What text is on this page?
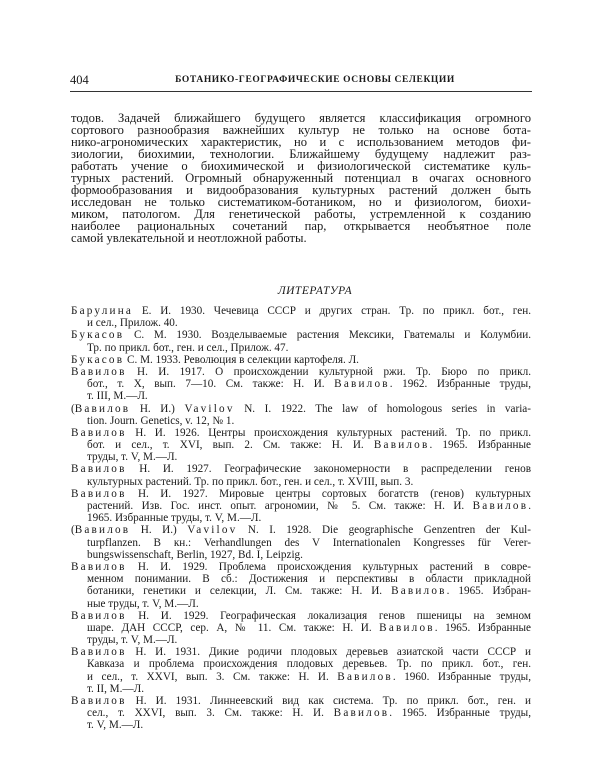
404	БОТАНИКО-ГЕОГРАФИЧЕСКИЕ ОСНОВЫ СЕЛЕКЦИИ
тодов. Задачей ближайшего будущего является классификация огромного
сортового разнообразия важнейших культур не только на основе бота-
нико-агрономических характеристик, но и с использованием методов фи-
зиологии, биохимии, технологии. Ближайшему будущему надлежит раз-
работать учение о биохимической и физиологической систематике куль-
турных растений. Огромный обнаруженный потенциал в очагах основного
формообразования и видообразования культурных растений должен быть
исследован не только систематиком-ботаником, но и физиологом, биохи-
миком, патологом. Для генетической работы, устремленной к созданию
наиболее рациональных сочетаний пар, открывается необъятное поле
самой увлекательной и неотложной работы.
ЛИТЕРАТУРА
Барулина Е. И. 1930. Чечевица СССР и других стран. Тр. по прикл. бот., ген.
и сел., Прилож. 40.
Букасов С. М. 1930. Возделываемые растения Мексики, Гватемалы и Колумбии.
Тр. по прикл. бот., ген. и сел., Прилож. 47.
Букасов С. М. 1933. Революция в селекции картофеля. Л.
Вавилов Н. И. 1917. О происхождении культурной ржи. Тр. Бюро по прикл.
бот., т. X, вып. 7—10. См. также: Н. И. Вавилов. 1962. Избранные труды,
т. III, М.—Л.
(Вавилов Н. И.) Vavilov N. I. 1922. The law of homologous series in varia-
tion. Journ. Genetics, v. 12, № 1.
Вавилов Н. И. 1926. Центры происхождения культурных растений. Тр. по прикл.
бот. и сел., т. XVI, вып. 2. См. также: Н. И. Вавилов. 1965. Избранные
труды, т. V, М.—Л.
Вавилов Н. И. 1927. Географические закономерности в распределении генов
культурных растений. Тр. по прикл. бот., ген. и сел., т. XVIII, вып. 3.
Вавилов Н. И. 1927. Мировые центры сортовых богатств (генов) культурных
растений. Изв. Гос. инст. опыт. агрономии, № 5. См. также: Н. И. Вавилов.
1965. Избранные труды, т. V, М.—Л.
(Вавилов Н. И.) Vavilov N. I. 1928. Die geographische Genzentren der Kul-
turpflanzen. В кн.: Verhandlungen des V Internationalen Kongresses für Verer-
bungswissenschaft, Berlin, 1927, Bd. I, Leipzig.
Вавилов Н. И. 1929. Проблема происхождения культурных растений в совре-
менном понимании. В сб.: Достижения и перспективы в области прикладной
ботаники, генетики и селекции, Л. См. также: Н. И. Вавилов. 1965. Избран-
ные труды, т. V, М.—Л.
Вавилов Н. И. 1929. Географическая локализация генов пшеницы на земном
шаре. ДАН СССР, сер. А, № 11. См. также: Н. И. Вавилов. 1965. Избранные
труды, т. V, М.—Л.
Вавилов Н. И. 1931. Дикие родичи плодовых деревьев азиатской части СССР и
Кавказа и проблема происхождения плодовых деревьев. Тр. по прикл. бот., ген.
и сел., т. XXVI, вып. 3. См. также: Н. И. Вавилов. 1960. Избранные труды,
т. II, М.—Л.
Вавилов Н. И. 1931. Линнеевский вид как система. Тр. по прикл. бот., ген. и
сел., т. XXVI, вып. 3. См. также: Н. И. Вавилов. 1965. Избранные труды,
т. V, М.—Л.
